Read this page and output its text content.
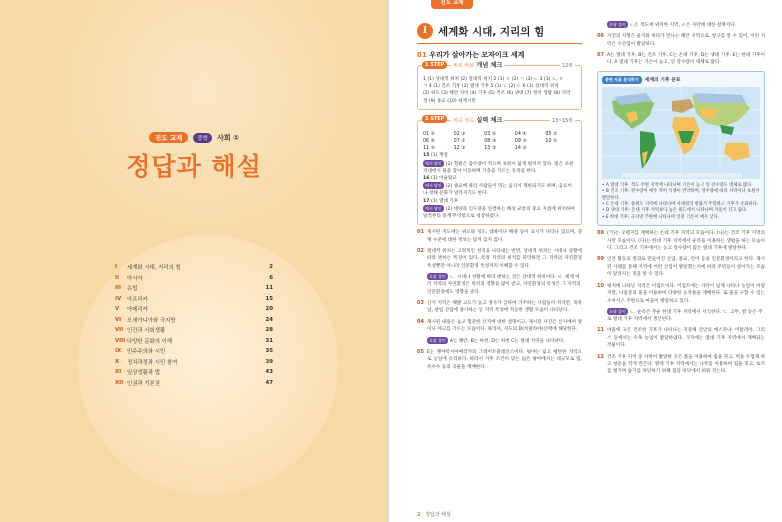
진도 교재	중학	사회 ①
정답과 해설
I	세계화 시대, 지리의 힘	2
II	아시아	6
III	유럽	11
IV	아프리카	15
V	아메리카	20
VI	오세아니아와 극지방	24
VII 인간과 사회생활	28
VIII 다양한 문화의 이해	31
IX	민주주의와 시민	35
X	정치과정과 시민 참여	39
XI	일상생활과 법	43
XII 인권과 기본권	47
진도 교재
I	세계화 시대, 지리의 힘
01 우리가 살아가는 모자이크 세계
1 STEP	바로 바로 개념 체크	12쪽
1 (1) 상대적 위치 (2) 절대적 위치 2 (1) ㄷ (2) ㄱ (3) ㄴ 3 (1) ㄴ, ㄷ
ㄱ 4 (1) 건조 기후 (2) 열대 기후 5 (1) ㄴ (2) ㄷ 6 (1) 상대적 위치
(2) 위도 (3) 해안 지역 (4) 기후 (5) 건조 (6) 냉대 (7) 정착 생활 (8) 지역
성 (9) 중교 (10) 세계시민
2 STEP	차곡 차곡 실력 체크	13~15쪽
01 ⑤	02 ③	03 ⑤	04 ④	05 ②
06 ④	07 ⑤	08 ③	09 ③	10 ⑤
11 ⑤	12 ③	13 ③	14 ③
15 (1) 계절
예시 답안 (2) 헝클은 감수량이 적으며 초원이 넓게 펼쳐져 있다. 빛은 초원 지대에서 풀을 찾아 이동하며 가축을 기르는 유목을 한다.
16 (1) 이슬람교
예시 답안 (2) 종교에 따라 사람들이 먹는 음식이 제한되기도 하며, 음료이나 정해 문화가 달라지기도 한다.
17 (1) 열대 기후
예시 답안 (2) 대양과 인도양을 연결하는 해상 교통의 중요 지점에 위치하여 일찍부터 중계 무역항으로 성장하였다.
01 제시된 지도에는 위도와 경도, 대륙이나 해양 등이 표시가 나타나 있으며, 경계 수준에 대한 정보는 담겨 있지 않다.
02 절대적 위치는 고정적인 성격을 나타내는 반면, 상대적 위치는 시대나 상황에 따라 변하는 특징이 있다. 특정 지역의 위치를 파악하면 그 지역의 자연환경 특성뿐만 아니라 인문환경 특성까지 이해할 수 있다.
오답 풀이 ㄴ. 시대나 상황에 따라 변하는 것은 상대적 위치이다. ㄹ. 세계 여러 지역의 자연환경은 위치의 영향을 많이 받고, 자연환경의 특성은 그 지역의 인문환경에도 영향을 준다.
03 산지 지역은 해발 고도가 높고 경사가 급하여 거주하는 사람들이 적지만, 목축업, 광업 산업에 종사하는 등 지역 특성에 적응한 생활 모습이 나타난다.
04 제시된 내용은 높고 험준한 산지에 대한 설명이고, 제시된 사진은 산지에서 양이나 야크를 기르는 모습이다. 따라서, 지도의 D(히말라야)산맥에 해당한다.
오답 풀이 A는 해안, B는 하천, D는 하천 C는 열대 지역을 나타낸다.
05 E는 팽야폭시아메리카의 그레이트플레인스이다. 평야는 넓고 평탄한 지역으로 농업에 유리하다. 따라서 기후 조건이 맞는 넓은 평야에서는 대규모로 밀, 옥수수 등의 곡물을 재배한다.
오답 풀이 ㄴ은 적도에 위치한 지역, ㄹ은 사막에 대한 설명이다.
06 사진의 지형은 울지와 바다가 만나는 해안 지역으로, 항구를 통 수 있어, 이런 지역은 수산업이 발달하다.
07 A는 열대 기후, B는 건조 기후, C는 온대 기후, D는 냉대 기후, E는 한대 기후이다. A 열대 기후는 기온이 높고, 연 강수량이 대체로 많다.
관련 자료 분석하기	세계의 기후 분포
• A 열대 기후: 적도 주변 지역에 나타나며 기온이 높고 연 강수량도 대체로 많다.
• B 건조 기후: 강수량이 매우 적어 식생이 빈약하며, 강수량에 따라 사막이나 초원이 발달한다.
• C 온대 기후: 중위도 지역에 나타나며 사계절의 변화가 뚜렷하고 기후가 온화하다.
• D 냉대 기후: 온대 기후 지역보다 높은 위도에서 나타나며 겨울이 길고 춥다.
• E 한대 기후: 극지방 주변에 나타나며 연중 기온이 매우 낮다.
08 (가)는 오렌지를 재배하는 온대 기후 지역의 모습이다. (나)는 건조 기후 지역의 사막 모습이다. (다)는 한대 기후 지역에서 순록을 이용하는 생활을 하는 모습이다. 그리고 건조 기후에서는 농고 강수량이 많은 열대 기후에 발달한다.
09 인간 활동의 결과로 만들어진 산업, 종교, 언어 등을 인문환경이라고 한다. 제시된 사례를 통해 지역에 어떤 산업이 발달했는지에 따라 주민들이 살아가는 모습이 달라지는 것을 알 수 있다.
10 평지에 나타난 지역은 이집트이다. 이집트에는 사막이 넓게 나타나 농업이 어렵지만, 나일강의 물을 이용하여 다양한 농작물을 재배한다. 또 물을 구할 수 있는 오아시스 주변으로 마을이 발달하고 있다.
오답 풀이 ㄴ. 순록은 추운 한대 기후 지역에서 서식한다. ㄷ. 고무, 쌀 등은 주로 열대 기후 지역에서 생산된다.
11 야꼽에 고은 건조한 기후가 나타나는 지중해 연안의 에스파냐, 이탈리아, 그리스 등에서는 수목 농업이 발달하였다. 가지에는 열대 기후 지역에서 재배되는 작물이다.
12 건조 기후 지역 중 사막이 발달한 곳은 흙을 이용하여 집을 짓고, 벽을 두껍게 하고 창문을 작게 만든다. 열대 기후 지역에서는 나무를 이용하여 집을 짓고, 토지를 벌기며 습기를 차단하기 위해 집을 바닥에서 띄워 짓는다.
2 정답과 해설
